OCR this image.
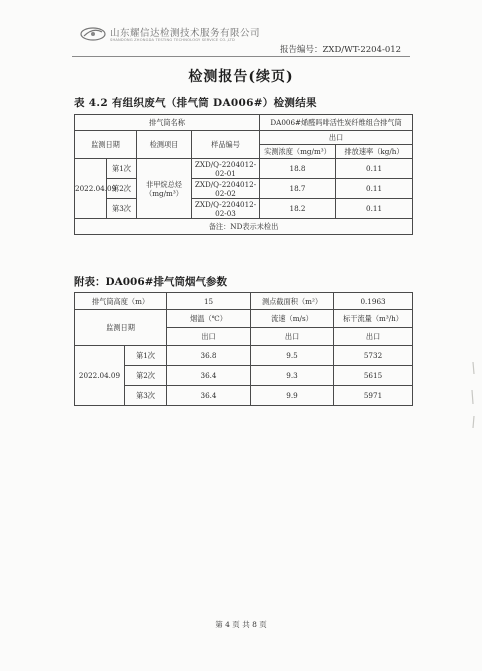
山东耀信达检测技术服务有限公司
SHANDONG ZHONGDA TESTING TECHNOLOGY SERVICE CO.,LTD
报告编号：ZXD/WT-2204-012
检测报告(续页)
表 4.2 有组织废气（排气筒 DA006#）检测结果
排气筒名称				DA006#烯醛吗啡活性炭纤维组合排气筒	
监测日期		检测项目	样品编号	出口	
				实测浓度（mg/m³）	排放速率（kg/h）
2022.04.09	第1次	非甲烷总烃（mg/m³）	ZXD/Q-2204012-02-01	18.8	0.11
	第2次		ZXD/Q-2204012-02-02	18.7	0.11
	第3次		ZXD/Q-2204012-02-03	18.2	0.11
备注：ND表示未检出					
附表：DA006#排气筒烟气参数
排气筒高度（m）		15	测点截面积（m²）	0.1963
监测日期		烟温（℃）	流速（m/s）	标干流量（m³/h）
		出口	出口	出口
2022.04.09	第1次	36.8	9.5	5732
	第2次	36.4	9.3	5615
	第3次	36.4	9.9	5971
第 4 页 共 8 页
